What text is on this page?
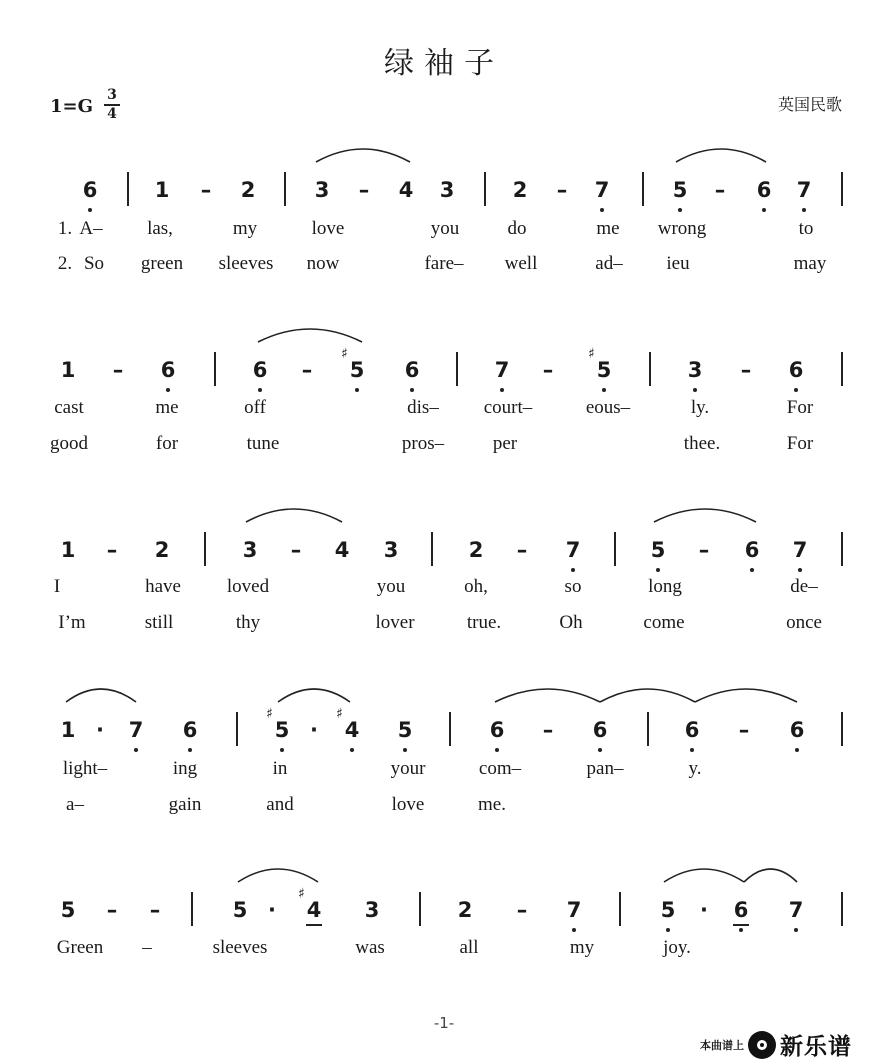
绿袖子
1=G
3
4	英国民歌
6	1 – 2	3 – 4 3	2 – 7	5 – 6 7
1. A– las,	my	love	you	do	me wrong	to
2. So green sleeves now	fare– well	ad– ieu	may
1 – 6	6 – 5
♯
6	7 – 5
♯
3 – 6
cast	me	off	dis– court–	eous–	ly.	For
good	for	tune	pros–	per	thee.	For
1 – 2	3 – 4 3	2 – 7	5 – 6 7
I	have loved	you	oh,	so	long	de–
I’m	still	thy	lover	true.	Oh	come	once
1 · 7 6	5
♯
· 4
♯
5	6 – 6	6 – 6
light–	ing	in	your	com–	pan–	y.
a–	gain	and	love	me.
5 – –	5 · 4
♯
3	2 – 7	5 · 6 7
Green –	sleeves	was	all	my	joy.
-1-
本曲谱上 新乐谱
